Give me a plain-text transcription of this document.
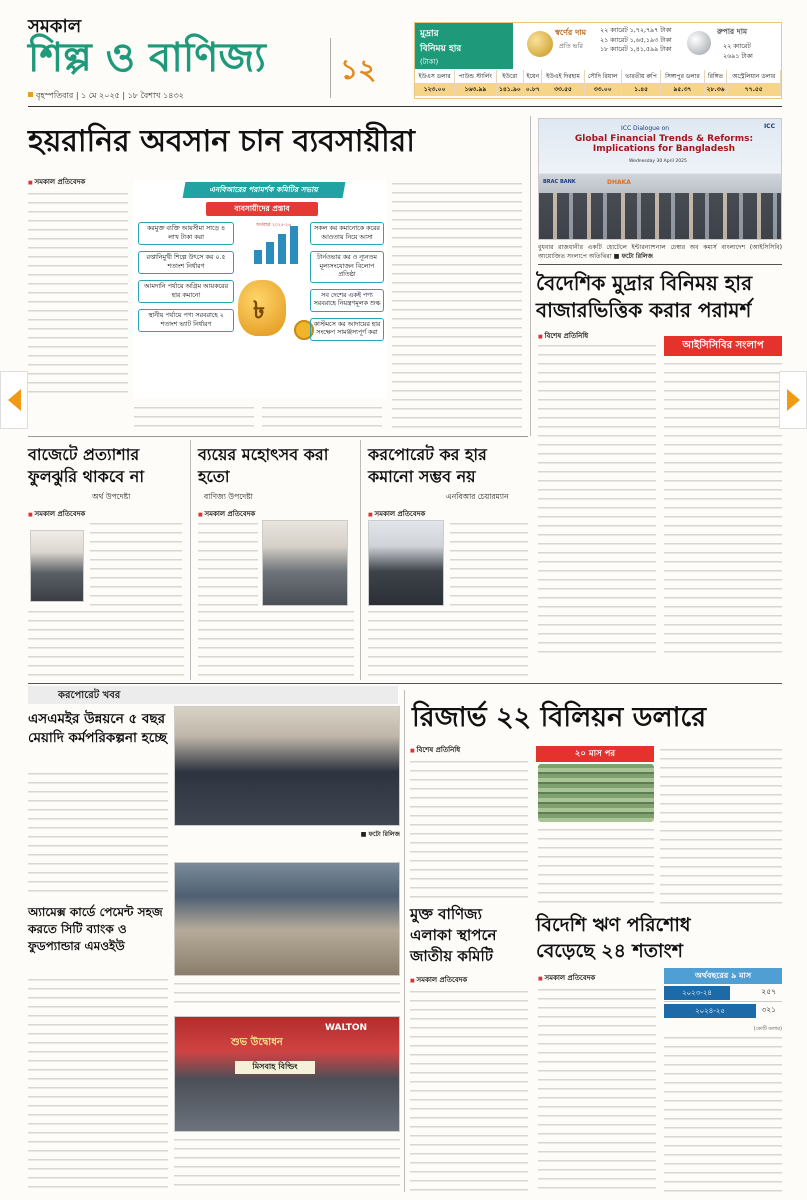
সমকাল
শিল্প ও বাণিজ্য
বৃহস্পতিবার | ১ মে ২০২৫ | ১৮ বৈশাখ ১৪৩২
১২
মুদ্রার
বিনিময় হার
(টাকা)
স্বর্ণের দাম
প্রতি ভরি
২২ ক্যারেট ১,৭২,৭৯৭ টাকা
২১ ক্যারেট ১,৬৫,১৯৩ টাকা
১৮ ক্যারেট ১,৪১,৫৯৯ টাকা
রুপার দাম
২২ ক্যারেট
২৬৯১ টাকা
ইউএস ডলার	পাউন্ড স্টার্লিং	ইউরো	ইয়েন	ইউএই দিরহাম	সৌদি রিয়াল	ভারতীয় রুপি	সিঙ্গাপুর ডলার	রিঙ্গিত	অস্ট্রেলিয়ান ডলার
১২৩.০০	১৬৩.৯৯	১৪১.৯০	০.৮৭	৩৩.৫৫	৩৩.০০	১.৪৫	৯৫.৩৭	২৮.৩৬	৭৭.৫৫
হয়রানির অবসান চান ব্যবসায়ীরা
■ সমকাল প্রতিবেদক
এনবিআরের পরামর্শক কমিটির সভায়
ব্যবসায়ীদের প্রস্তাব
অর্থবছর ২০২৫-২৬
৳
করমুক্ত ব্যক্তি আয়সীমা সাড়ে ৪ লাখ টাকা করা
রপ্তানিমুখী শিল্পে উৎসে কর ০.৫ শতাংশ নির্ধারণ
আমদানি পর্যায়ে অগ্রিম আয়করের হার কমানো
স্থানীয় পর্যায়ে পণ্য সরবরাহে ২ শতাংশ ভ্যাট নির্ধারণ
সকল কর কমানোকে করের আওতায় নিয়ে আসা
টার্নওভার কর ও ন্যূনতম মূল্যসংযোজন বিলোপ প্রতিষ্ঠা
সব দেশের একই পণ্য সরবরাহে নিয়ন্ত্রণমূলক শুল্ক
কাস্টমসে কর আদায়ের হার সংক্ষেপ সামঞ্জস্যপূর্ণ করা
ICC Dialogue on
Global Financial Trends & Reforms: Implications for Bangladesh
Wednesday 30 April 2025
ICC
BRAC BANK	DHAKA
বুধবার রাজধানীর একটি হোটেলে ইন্টারন্যাশনাল চেম্বার অব কমার্স বাংলাদেশ (আইসিসিবি) আয়োজিত সংলাপে অতিথিরা ■ ফটো রিলিজ
বৈদেশিক মুদ্রার বিনিময় হার
বাজারভিত্তিক করার পরামর্শ
■ বিশেষ প্রতিনিধি
আইসিসিবির সংলাপ
বাজেটে প্রত্যাশার ফুলঝুরি থাকবে না
অর্থ উপদেষ্টা
■ সমকাল প্রতিবেদক
ব্যয়ের মহোৎসব করা হতো
বাণিজ্য উপদেষ্টা
■ সমকাল প্রতিবেদক
করপোরেট কর হার কমানো সম্ভব নয়
এনবিআর চেয়ারম্যান
■ সমকাল প্রতিবেদক
করপোরেট খবর
এসএমইর উন্নয়নে ৫ বছর মেয়াদি কর্মপরিকল্পনা হচ্ছে
■ ফটো রিলিজ
অ্যামেক্স কার্ডে পেমেন্ট সহজ করতে সিটি ব্যাংক ও ফুডপ্যান্ডার এমওইউ
WALTON
শুভ উদ্বোধন
মিসবাহ বিল্ডিং
মুক্ত বাণিজ্য এলাকা স্থাপনে জাতীয় কমিটি
■ সমকাল প্রতিবেদক
রিজার্ভ ২২ বিলিয়ন ডলারে
■ বিশেষ প্রতিনিধি	২০ মাস পর
বিদেশি ঋণ পরিশোধ
বেড়েছে ২৪ শতাংশ
■ সমকাল প্রতিবেদক	অর্থবছরের ৯ মাস
২০২৩-২৪	২৫৭
২০২৪-২৫	৩২১
(কোটি ডলার)
